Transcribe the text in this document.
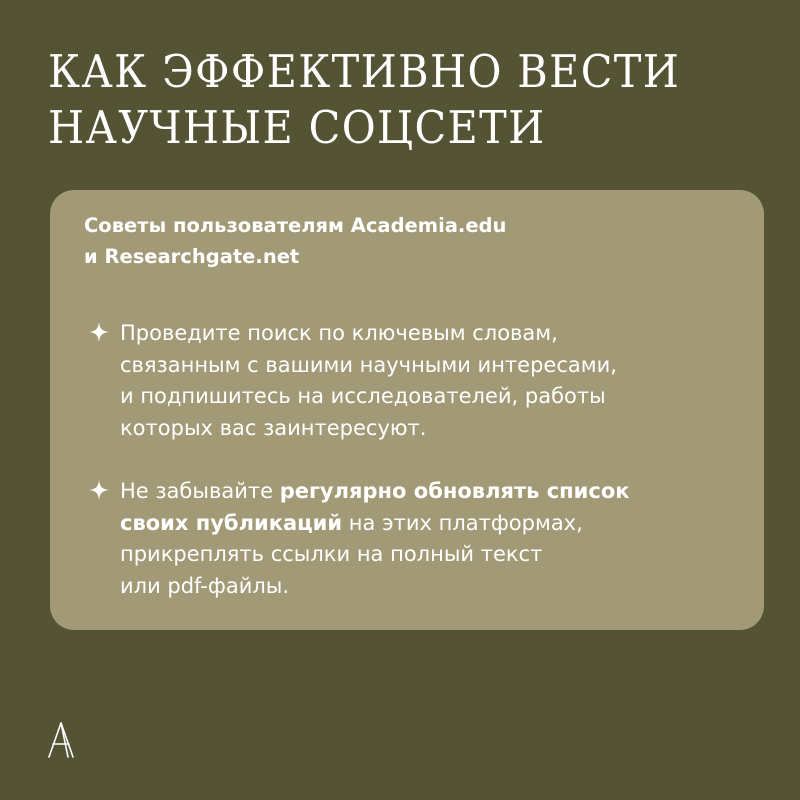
КАК ЭФФЕКТИВНО ВЕСТИ
НАУЧНЫЕ СОЦСЕТИ
Советы пользователям Academia.edu
и Researchgate.net
Проведите поиск по ключевым словам,
связанным с вашими научными интересами,
и подпишитесь на исследователей, работы
которых вас заинтересуют.
Не забывайте регулярно обновлять список
своих публикаций на этих платформах,
прикреплять ссылки на полный текст
или pdf-файлы.
